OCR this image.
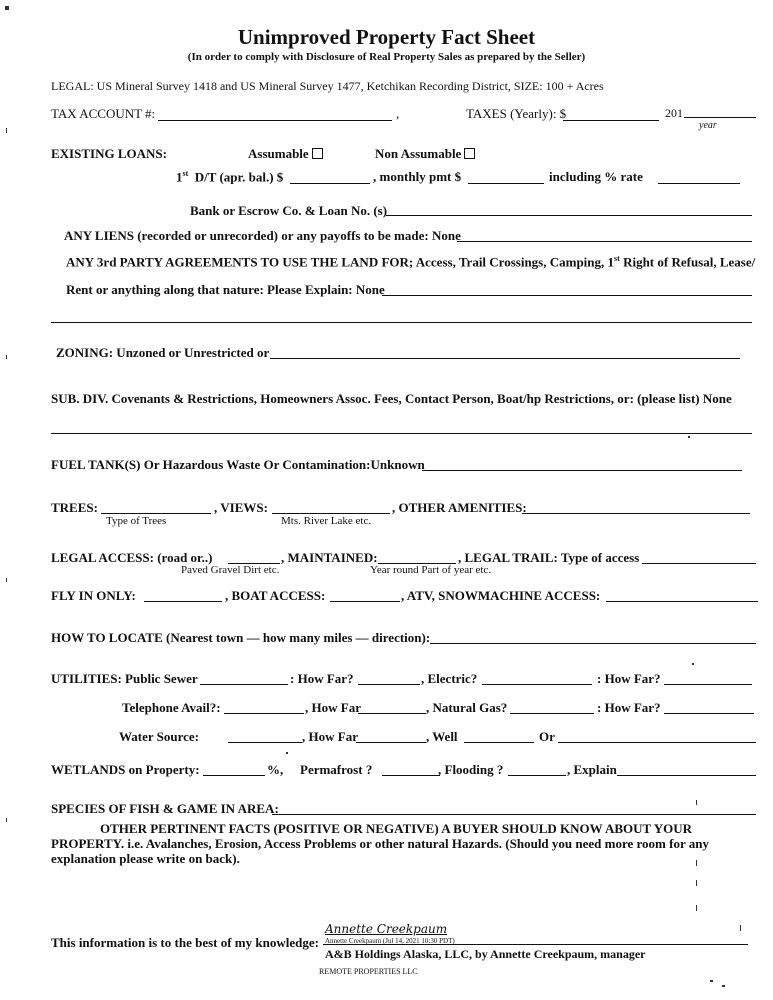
Unimproved Property Fact Sheet
(In order to comply with Disclosure of Real Property Sales as prepared by the Seller)
LEGAL: US Mineral Survey 1418 and US Mineral Survey 1477, Ketchikan Recording District, SIZE: 100 + Acres
TAX ACCOUNT #:	,	TAXES (Yearly): $	201
year
EXISTING LOANS:	Assumable	Non Assumable
1st D/T (apr. bal.) $	, monthly pmt $	including % rate
Bank or Escrow Co. & Loan No. (s)
ANY LIENS (recorded or unrecorded) or any payoffs to be made: None
ANY 3rd PARTY AGREEMENTS TO USE THE LAND FOR; Access, Trail Crossings, Camping, 1st Right of Refusal, Lease/
Rent or anything along that nature: Please Explain: None
ZONING: Unzoned or Unrestricted or
SUB. DIV. Covenants & Restrictions, Homeowners Assoc. Fees, Contact Person, Boat/hp Restrictions, or: (please list) None
FUEL TANK(S) Or Hazardous Waste Or Contamination:Unknown
TREES:	, VIEWS:	, OTHER AMENITIES:
Type of Trees	Mts. River Lake etc.
LEGAL ACCESS: (road or..)	, MAINTAINED:	, LEGAL TRAIL: Type of access
Paved Gravel Dirt etc.	Year round Part of year etc.
FLY IN ONLY:	, BOAT ACCESS:	, ATV, SNOWMACHINE ACCESS:
HOW TO LOCATE (Nearest town — how many miles — direction):
UTILITIES: Public Sewer	: How Far?	, Electric?	: How Far?
Telephone Avail?:	, How Far	, Natural Gas?	: How Far?
Water Source:	, How Far	, Well	Or
WETLANDS on Property:	%, Permafrost ?	, Flooding ?	, Explain
SPECIES OF FISH & GAME IN AREA:
OTHER PERTINENT FACTS (POSITIVE OR NEGATIVE) A BUYER SHOULD KNOW ABOUT YOUR
PROPERTY. i.e. Avalanches, Erosion, Access Problems or other natural Hazards. (Should you need more room for any
explanation please write on back).
Annette Creekpaum
Annette Creekpaum (Jul 14, 2021 10:30 PDT)
This information is to the best of my knowledge:
A&B Holdings Alaska, LLC, by Annette Creekpaum, manager
REMOTE PROPERTIES LLC
